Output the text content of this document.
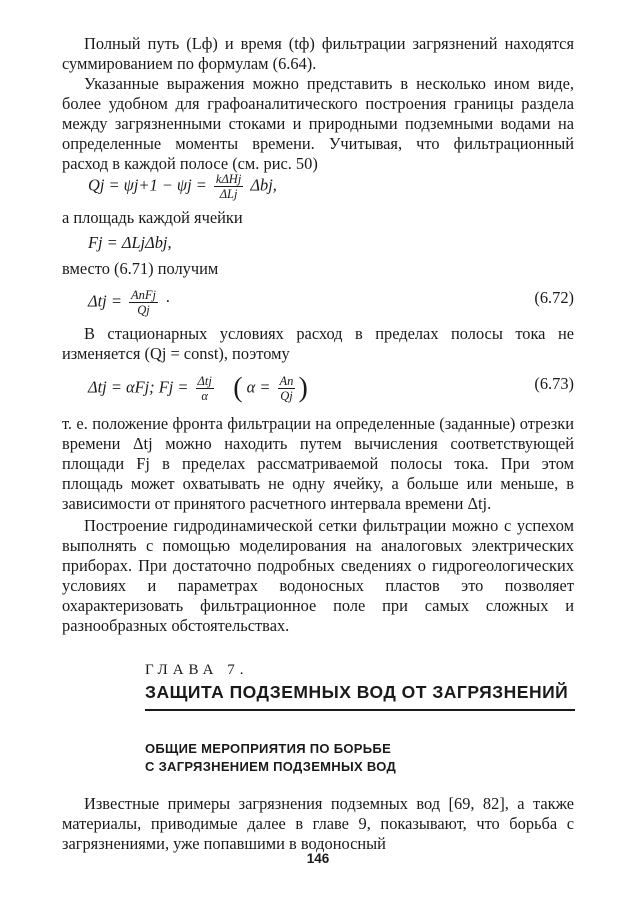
Полный путь (Lф) и время (tф) фильтрации загрязнений находятся суммированием по формулам (6.64).

Указанные выражения можно представить в несколько ином виде, более удобном для графоаналитического построения границы раздела между загрязненными стоками и природными подземными водами на определенные моменты времени. Учитывая, что фильтрационный расход в каждой полосе (см. рис. 50)

$Qj = \psi j+1 - \psi j = \frac{\text{kΔHj}}{\text{ΔLj}} \Delta bj$,
а площадь каждой ячейки
Fj = ΔLjΔbj,
вместо (6.71) получим
$\Delta tj = \frac{\text{AnFj}}{Qj}$ ·	(6.72)

В стационарных условиях расход в пределах полосы тока не изменяется (Qj = const), поэтому

Δtj = αFj; $Fj = \frac{\text{Δtj}}{\alpha}$ ( $\alpha = \frac{An}{Qj}$ )	(6.73)

т. е. положение фронта фильтрации на определенные (заданные) отрезки времени Δtj можно находить путем вычисления соответствующей площади Fj в пределах рассматриваемой полосы тока. При этом площадь может охватывать не одну ячейку, а больше или меньше, в зависимости от принятого расчетного интервала времени Δtj.

Построение гидродинамической сетки фильтрации можно с успехом выполнять с помощью моделирования на аналоговых электрических приборах. При достаточно подробных сведениях о гидрогеологических условиях и параметрах водоносных пластов это позволяет охарактеризовать фильтрационное поле при самых сложных и разнообразных обстоятельствах.

ГЛАВА 7.
ЗАЩИТА ПОДЗЕМНЫХ ВОД ОТ ЗАГРЯЗНЕНИЙ
ОБЩИЕ МЕРОПРИЯТИЯ ПО БОРЬБЕ
С ЗАГРЯЗНЕНИЕМ ПОДЗЕМНЫХ ВОД

Известные примеры загрязнения подземных вод [69, 82], а также материалы, приводимые далее в главе 9, показывают, что борьба с загрязнениями, уже попавшими в водоносный

146
